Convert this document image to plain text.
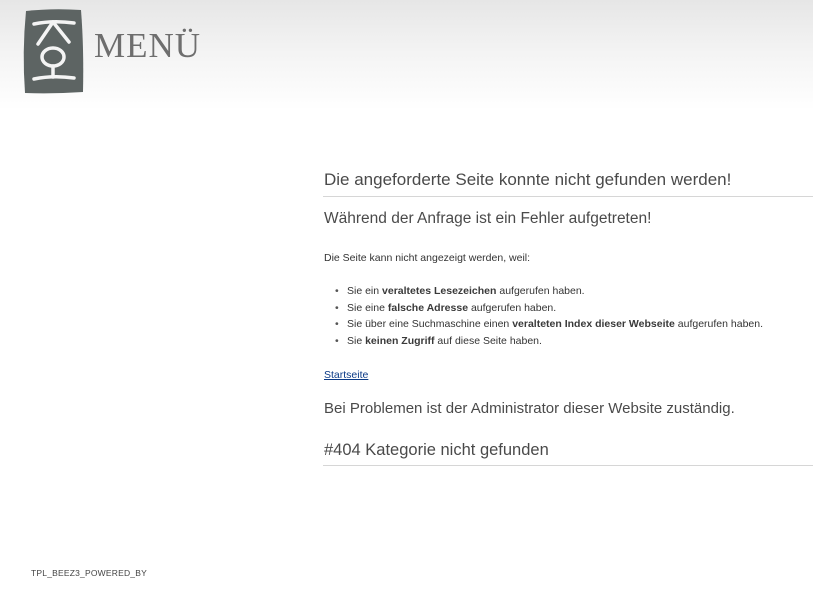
MENÜ
Die angeforderte Seite konnte nicht gefunden werden!
Während der Anfrage ist ein Fehler aufgetreten!

Die Seite kann nicht angezeigt werden, weil:

• Sie ein veraltetes Lesezeichen aufgerufen haben.
• Sie eine falsche Adresse aufgerufen haben.
• Sie über eine Suchmaschine einen veralteten Index dieser Webseite aufgerufen haben.
• Sie keinen Zugriff auf diese Seite haben.
Startseite

Bei Problemen ist der Administrator dieser Website zuständig.

#404 Kategorie nicht gefunden
TPL_BEEZ3_POWERED_BY
